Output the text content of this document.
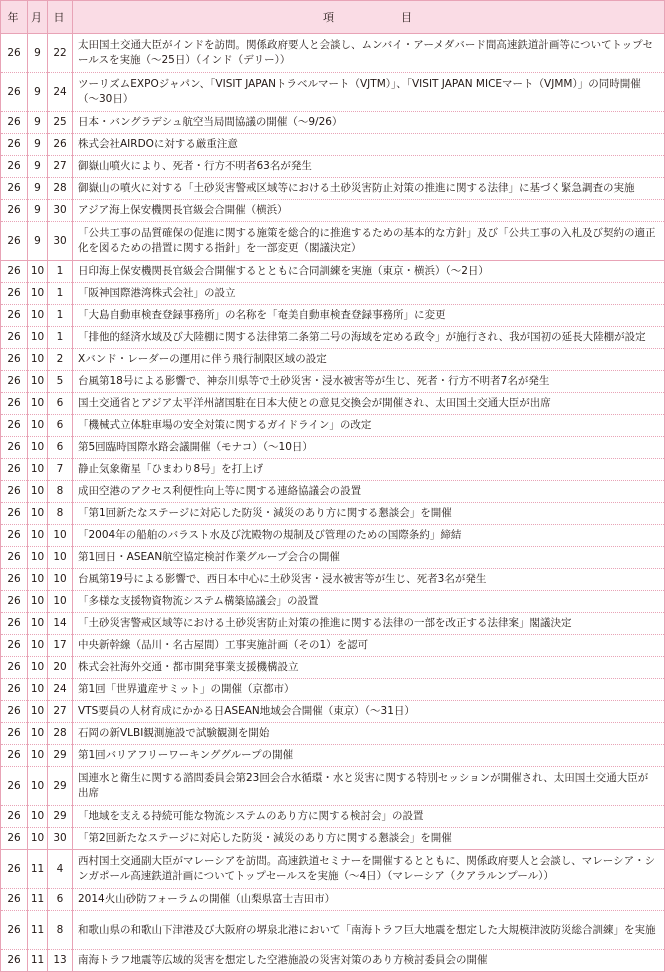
年	月	日	項　　　　　目
26	9	22	太田国土交通大臣がインドを訪問。関係政府要人と会談し、ムンバイ・アーメダバード間高速鉄道計画等についてトップセールスを実施（〜25日）（インド（デリー））
26	9	24	ツーリズムEXPOジャパン、「VISIT JAPANトラベルマート（VJTM）」、「VISIT JAPAN MICEマート（VJMM）」の同時開催（〜30日）
26	9	25	日本・バングラデシュ航空当局間協議の開催（〜9/26）
26	9	26	株式会社AIRDOに対する厳重注意
26	9	27	御嶽山噴火により、死者・行方不明者63名が発生
26	9	28	御嶽山の噴火に対する「土砂災害警戒区域等における土砂災害防止対策の推進に関する法律」に基づく緊急調査の実施
26	9	30	アジア海上保安機関長官級会合開催（横浜）
26	9	30	「公共工事の品質確保の促進に関する施策を総合的に推進するための基本的な方針」及び「公共工事の入札及び契約の適正化を図るための措置に関する指針」を一部変更（閣議決定）
26	10	1	日印海上保安機関長官級会合開催するとともに合同訓練を実施（東京・横浜）（〜2日）
26	10	1	「阪神国際港湾株式会社」の設立
26	10	1	「大島自動車検査登録事務所」の名称を「奄美自動車検査登録事務所」に変更
26	10	1	「排他的経済水域及び大陸棚に関する法律第二条第二号の海域を定める政令」が施行され、我が国初の延長大陸棚が設定
26	10	2	Xバンド・レーダーの運用に伴う飛行制限区域の設定
26	10	5	台風第18号による影響で、神奈川県等で土砂災害・浸水被害等が生じ、死者・行方不明者7名が発生
26	10	6	国土交通省とアジア太平洋州諸国駐在日本大使との意見交換会が開催され、太田国土交通大臣が出席
26	10	6	「機械式立体駐車場の安全対策に関するガイドライン」の改定
26	10	6	第5回臨時国際水路会議開催（モナコ）（〜10日）
26	10	7	静止気象衛星「ひまわり8号」を打上げ
26	10	8	成田空港のアクセス利便性向上等に関する連絡協議会の設置
26	10	8	「第1回新たなステージに対応した防災・減災のあり方に関する懇談会」を開催
26	10	10	「2004年の船舶のバラスト水及び沈殿物の規制及び管理のための国際条約」締結
26	10	10	第1回日・ASEAN航空協定検討作業グループ会合の開催
26	10	10	台風第19号による影響で、西日本中心に土砂災害・浸水被害等が生じ、死者3名が発生
26	10	10	「多様な支援物資物流システム構築協議会」の設置
26	10	14	「土砂災害警戒区域等における土砂災害防止対策の推進に関する法律の一部を改正する法律案」閣議決定
26	10	17	中央新幹線（品川・名古屋間）工事実施計画（その1）を認可
26	10	20	株式会社海外交通・都市開発事業支援機構設立
26	10	24	第1回「世界遺産サミット」の開催（京都市）
26	10	27	VTS要員の人材育成にかかる日ASEAN地域会合開催（東京）（〜31日）
26	10	28	石岡の新VLBI観測施設で試験観測を開始
26	10	29	第1回バリアフリーワーキンググループの開催
26	10	29	国連水と衛生に関する諮問委員会第23回会合水循環・水と災害に関する特別セッションが開催され、太田国土交通大臣が出席
26	10	29	「地域を支える持続可能な物流システムのあり方に関する検討会」の設置
26	10	30	「第2回新たなステージに対応した防災・減災のあり方に関する懇談会」を開催
26	11	4	西村国土交通副大臣がマレーシアを訪問。高速鉄道セミナーを開催するとともに、関係政府要人と会談し、マレーシア・シンガポール高速鉄道計画についてトップセールスを実施（〜4日）（マレーシア（クアラルンプール））
26	11	6	2014火山砂防フォーラムの開催（山梨県富士吉田市）
26	11	8	和歌山県の和歌山下津港及び大阪府の堺泉北港において「南海トラフ巨大地震を想定した大規模津波防災総合訓練」を実施
26	11	13	南海トラフ地震等広域的災害を想定した空港施設の災害対策のあり方検討委員会の開催
